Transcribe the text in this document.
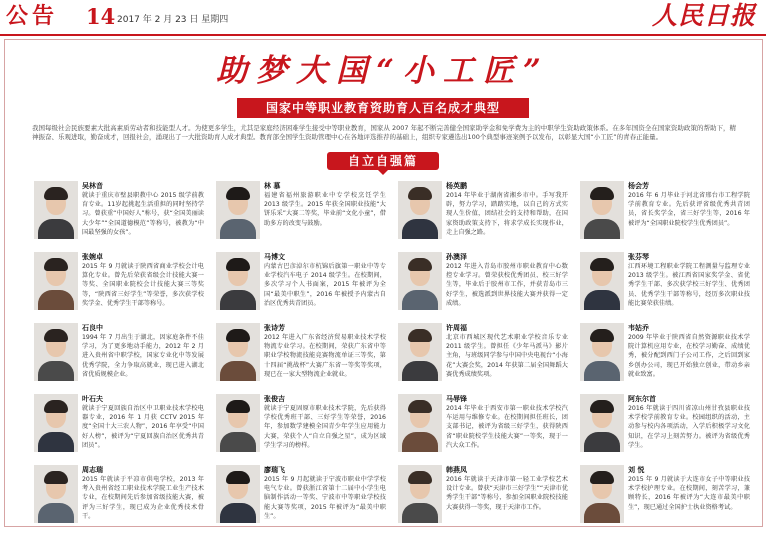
公告 14 2017 年 2 月 23 日 星期四	人民日报
助梦大国“小工匠”
国家中等职业教育资助育人百名成才典型
我国每级社会民族要素大批高素质劳动者和技能型人才。为使更多学生，尤其是家庭经济困难学生接受中等职业教育，国家从 2007 年起不断完善健全国家助学金和免学费为主的中职学生资助政策体系。在多年国资全在国家资助政策的帮助下，精神振奋、乐观进取，勤奋成才，回报社会，涌现出了一大批资助育人成才典型。教育部全国学生资助管理中心在各地评选推荐的基础上，组织专家遴选出100个典型事迹案例予以发布，以彰显大国“小工匠”的青春正能量。
自立自强篇
吴林音
就读于重庆市壁县职教中心 2015 级学前教育专业。11岁起挑起生活重担的同时坚持学习。曾获重“中国好人”称号，获“全国美丽读大少年”“全国道德模范”等称号，被教为“中国最坚强的女孩”。
林 慕
福建省福州旅游职业中专学校烹饪学生 2013 级学生。2015 年获全国职业技能“大饼乐采”大赛二等奖，毕业前“文化小童”，借助多方的改变与鼓励。
杨英鹏
2014 年毕业于湖南省湘乡市中。手写我开辟，努力学习，踏踏实地，以自己的方式实现人生价值，团结社会的支持和帮助，在国家资助政策支持下，将求学成长实现作业，走上自强之路。
杨会芳
2016 年 6 月毕业于河北省邢台市工程学院学前教育专业。先后获评省级优秀共青团员，省长奖学金，省三好学生等，2016 年被评为“全国职业院校学生优秀团员”。
张婉卓
2015 年 9 月就读于陕西省商业学校会计电算化专业。曾先后荣获省级会计技能大赛一等奖、全国职业院校会计技能大赛三等奖等，“陕西省三好学生”等荣誉，多次获学校奖学金、优秀学生干部等称号。
马博文
内蒙古巴彦淖尔市杭锦后旗第一职业中等专业学校汽车电子 2014 级学生。在校期间，多次学习个人书面案，2015 年被评为全国“最美中职生”，2016 年被授予内蒙古自治区优秀共青团员。
孙澳泽
2012 年进入青岛市胶州市职业教育中心数控专业学习。曾荣获校优秀团员、校三好学生等，毕业后于胶州市工作，并获青岛市三好学生，被选派到世界技能大赛并获得一定成绩。
张芬琴
江西环境工程职业学院工程测量与监理专业 2013 级学生。被江西省国家奖学金、省优秀学生干部、多次获学校三好学生、优秀团员、优秀学生干部等称号，经历多次职业技能比赛荣获佳绩。
石良中
1994 年 7 月出生于湖北，因家庭条件不佳学习，为了更多地动手能力，2012 年 2 月进入贵州省中职学校，国家专业化中等发展优秀学院，全力争取高就业，现已进入湖北省优质规模企业。
张诗芳
2012 年进入广东省经济贸易职业技术学校物流专业学习。在校期间，荣获广东省中等职业学校物流技能竞赛物流单证三等奖，第十四届“挑战杯”大赛广东省一等奖等奖项，现已在一家大型物流企业就业。
许周福
北京市西城区现代艺术职业学校音乐专业 2011 级学生。曾担任《少年马派马》影片主角，与班级同学参与中国中央电视台“小海花”大赛会奖，2014 年获第二届全国舞蹈大赛优秀成绩奖项。
韦姑乔
2009 年毕业于陕西省自然资源职业技术学院计算机应用专业，在校学习勤奋、成绩优秀，被分配到西门子公司工作，之后回到家乡创办公司，现已开始独立创业，带动乡亲就业致富。
叶石夫
就读于宁夏回族自治区中卫职业技术学校电器专业，2016 年 1 月获 CCTV 2015 年度“全国十大三农人物”，2016 年享受“中国好人榜”，被评为“宁夏回族自治区优秀共青团员”。
张俊吉
就读于宁夏固原市职业技术学院，先后获得学校优秀班干部、三好学生等荣誉，2016 年，参加数学建模全国青少年学生应用能力大赛，荣获个人“自立自强之星”，成为区域学生学习的榜样。
马辱锋
2014 年毕业于西安市第一职业技术学校汽车运用与维修专业。在校期间担任班长，团支部书记，被评为省级三好学生，获得陕西省“职业院校学生技能大赛”一等奖，现于一汽大众工作。
阿东尔首
2016 年就读于四川省凉山州甘孜县职业技术学校学前教育专业。校园组织的活动，主动参与校内各项活动，入学后积极学习文化知识，在学习上刻苦努力。被评为省级优秀学生。
周志瑞
2015 年就读于平凉市供电学校，2013 年考入贵州省经工职业技术学院工业生产技术专业，在校期间先后参加省级技能大赛，被评为三好学生，现已成为企业优秀技术骨干。
廖瑞飞
2015 年 9 月起就读于宁波市职业中学学校电气专业。曾获浙江省第十二届中小学生电脑制作活动一等奖、宁波市中等职业学校技能大赛等奖项，2015 年被评为“最美中职生”。
韩燕凤
2016 年就读于天津市第一轻工业学校艺术设计专业。曾获“天津市三好学生”“天津市优秀学生干部”等称号，参加全国职业院校技能大赛获得一等奖，现于天津市工作。
刘 悦
2015 年 9 月就读于大连市女子中等职业技术学校护理专业。在校期间，刻苦学习，兼顾特长，2016 年被评为“大连市最美中职生”，现已通过全国护士执业资格考试。
